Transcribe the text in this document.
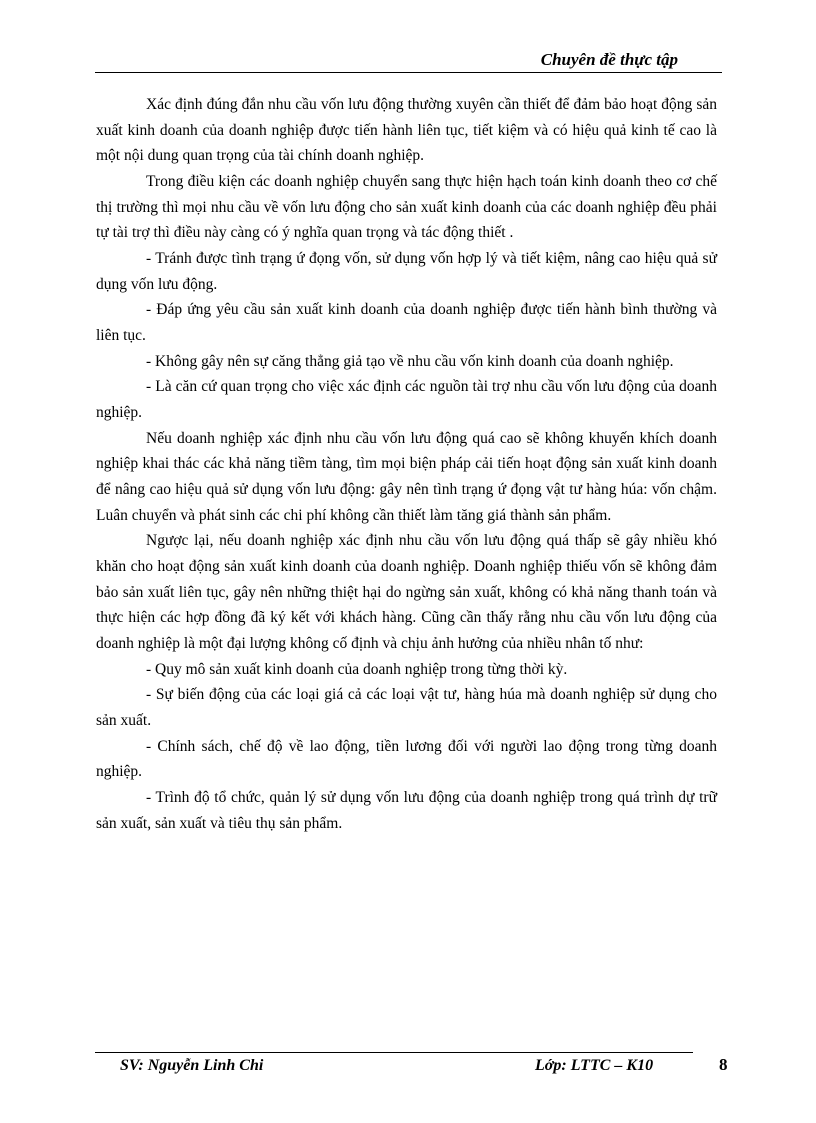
Chuyên đề thực tập

Xác định đúng đắn nhu cầu vốn lưu động thường xuyên cần thiết để đảm bảo hoạt động sản xuất kinh doanh của doanh nghiệp được tiến hành liên tục, tiết kiệm và có hiệu quả kinh tế cao là một nội dung quan trọng của tài chính doanh nghiệp.

Trong điều kiện các doanh nghiệp chuyển sang thực hiện hạch toán kinh doanh theo cơ chế thị trường thì mọi nhu cầu về vốn lưu động cho sản xuất kinh doanh của các doanh nghiệp đều phải tự tài trợ thì điều này càng có ý nghĩa quan trọng và tác động thiết .

- Tránh được tình trạng ứ đọng vốn, sử dụng vốn hợp lý và tiết kiệm, nâng cao hiệu quả sử dụng vốn lưu động.

- Đáp ứng yêu cầu sản xuất kinh doanh của doanh nghiệp được tiến hành bình thường và liên tục.

- Không gây nên sự căng thẳng giả tạo về nhu cầu vốn kinh doanh của doanh nghiệp.

- Là căn cứ quan trọng cho việc xác định các nguồn tài trợ nhu cầu vốn lưu động của doanh nghiệp.

Nếu doanh nghiệp xác định nhu cầu vốn lưu động quá cao sẽ không khuyến khích doanh nghiệp khai thác các khả năng tiềm tàng, tìm mọi biện pháp cải tiến hoạt động sản xuất kinh doanh để nâng cao hiệu quả sử dụng vốn lưu động: gây nên tình trạng ứ đọng vật tư hàng húa: vốn chậm. Luân chuyển và phát sinh các chi phí không cần thiết làm tăng giá thành sản phẩm.

Ngược lại, nếu doanh nghiệp xác định nhu cầu vốn lưu động quá thấp sẽ gây nhiều khó khăn cho hoạt động sản xuất kinh doanh của doanh nghiệp. Doanh nghiệp thiếu vốn sẽ không đảm bảo sản xuất liên tục, gây nên những thiệt hại do ngừng sản xuất, không có khả năng thanh toán và thực hiện các hợp đồng đã ký kết với khách hàng. Cũng cần thấy rằng nhu cầu vốn lưu động của doanh nghiệp là một đại lượng không cố định và chịu ảnh hưởng của nhiều nhân tố như:

- Quy mô sản xuất kinh doanh của doanh nghiệp trong từng thời kỳ.

- Sự biến động của các loại giá cả các loại vật tư, hàng húa mà doanh nghiệp sử dụng cho sản xuất.

- Chính sách, chế độ về lao động, tiền lương đối với người lao động trong từng doanh nghiệp.

- Trình độ tổ chức, quản lý sử dụng vốn lưu động của doanh nghiệp trong quá trình dự trữ sản xuất, sản xuất và tiêu thụ sản phẩm.

SV: Nguyễn Linh Chi	Lớp: LTTC – K10	8
